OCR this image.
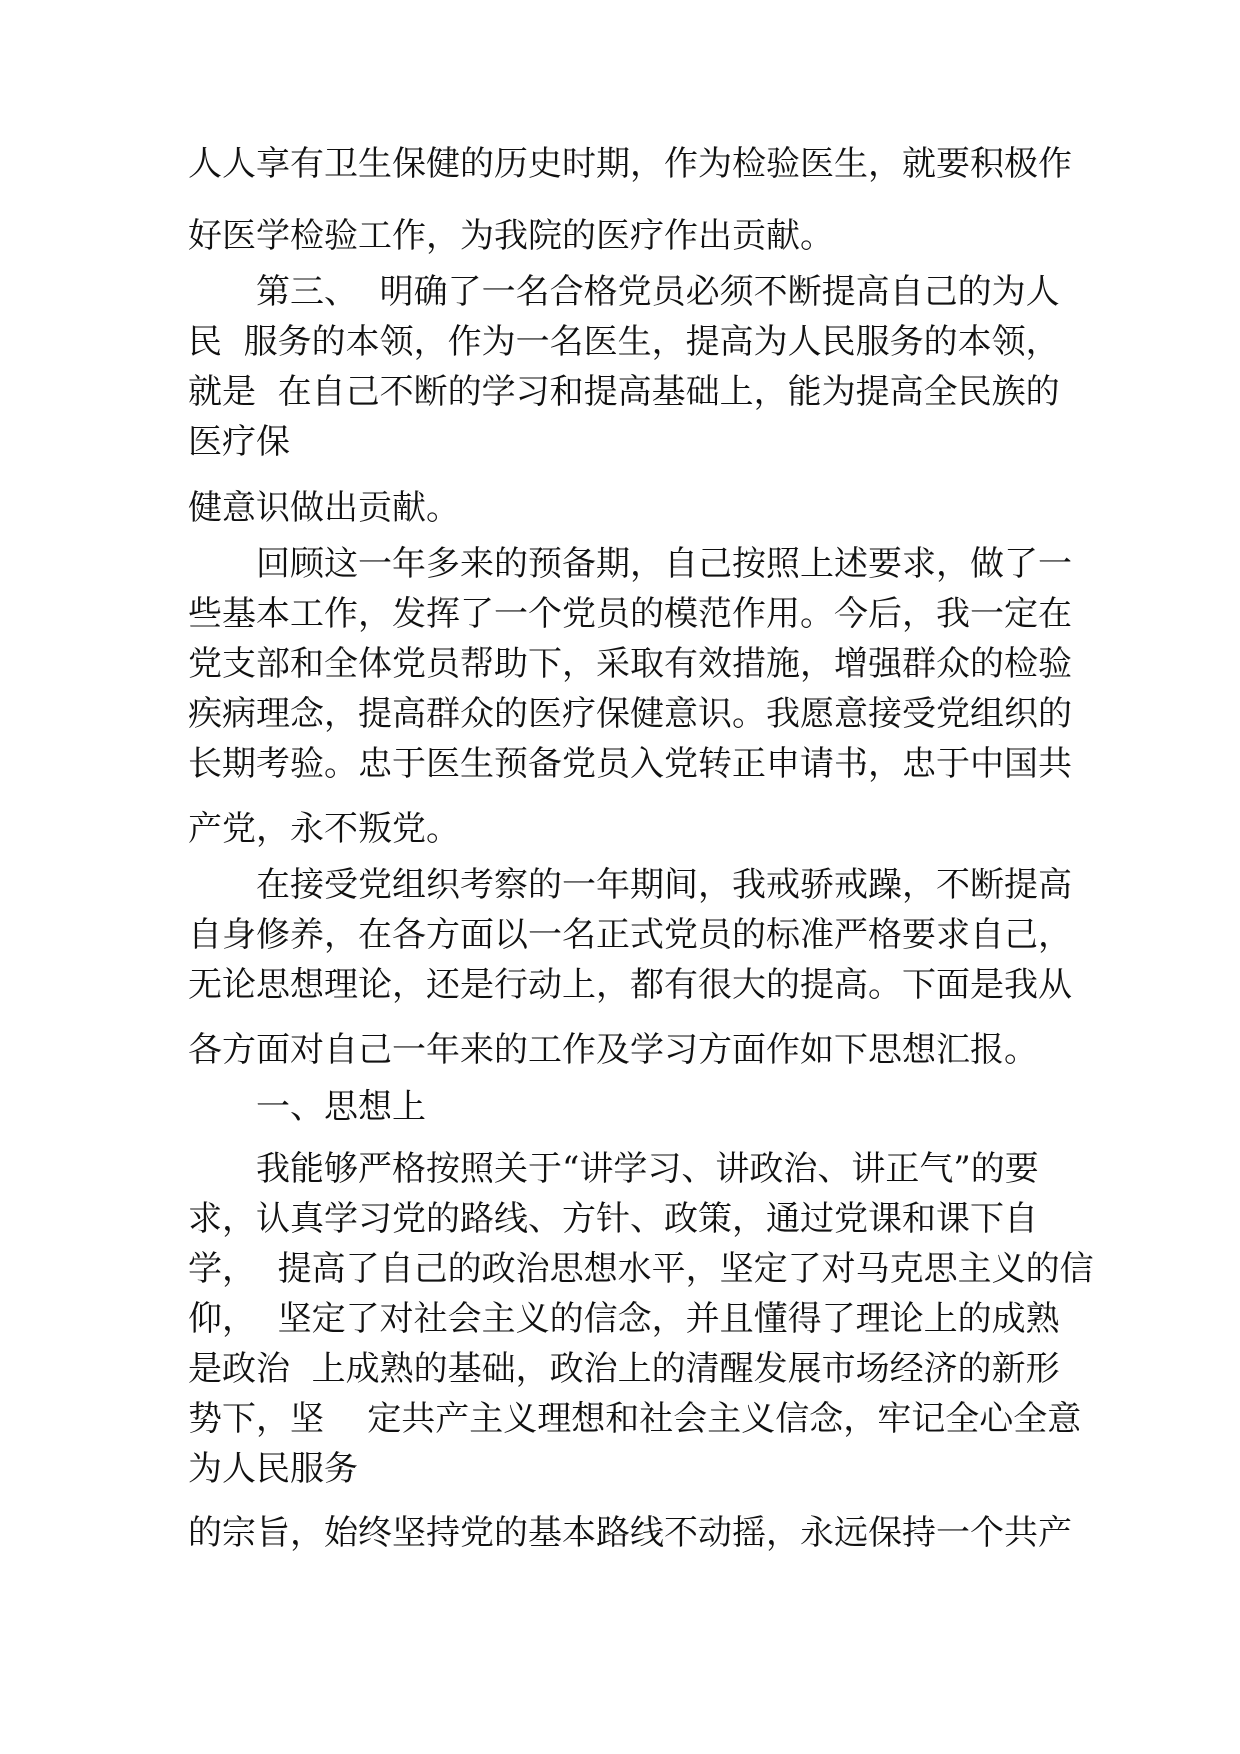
人人享有卫生保健的历史时期，作为检验医生，就要积极作
好医学检验工作，为我院的医疗作出贡献。
第三、  明确了一名合格党员必须不断提高自己的为人
民  服务的本领，作为一名医生，提高为人民服务的本领，
就是  在自己不断的学习和提高基础上，能为提高全民族的
医疗保
健意识做出贡献。
回顾这一年多来的预备期，自己按照上述要求，做了一
些基本工作，发挥了一个党员的模范作用。今后，我一定在
党支部和全体党员帮助下，采取有效措施，增强群众的检验
疾病理念，提高群众的医疗保健意识。我愿意接受党组织的
长期考验。忠于医生预备党员入党转正申请书，忠于中国共
产党，永不叛党。
在接受党组织考察的一年期间，我戒骄戒躁，不断提高
自身修养，在各方面以一名正式党员的标准严格要求自己，
无论思想理论，还是行动上，都有很大的提高。下面是我从
各方面对自己一年来的工作及学习方面作如下思想汇报。
一、思想上
我能够严格按照关于“讲学习、讲政治、讲正气”的要
求，认真学习党的路线、方针、政策，通过党课和课下自
学，  提高了自己的政治思想水平，坚定了对马克思主义的信
仰，  坚定了对社会主义的信念，并且懂得了理论上的成熟
是政治  上成熟的基础，政治上的清醒发展市场经济的新形
势下，坚    定共产主义理想和社会主义信念，牢记全心全意
为人民服务
的宗旨，始终坚持党的基本路线不动摇，永远保持一个共产
